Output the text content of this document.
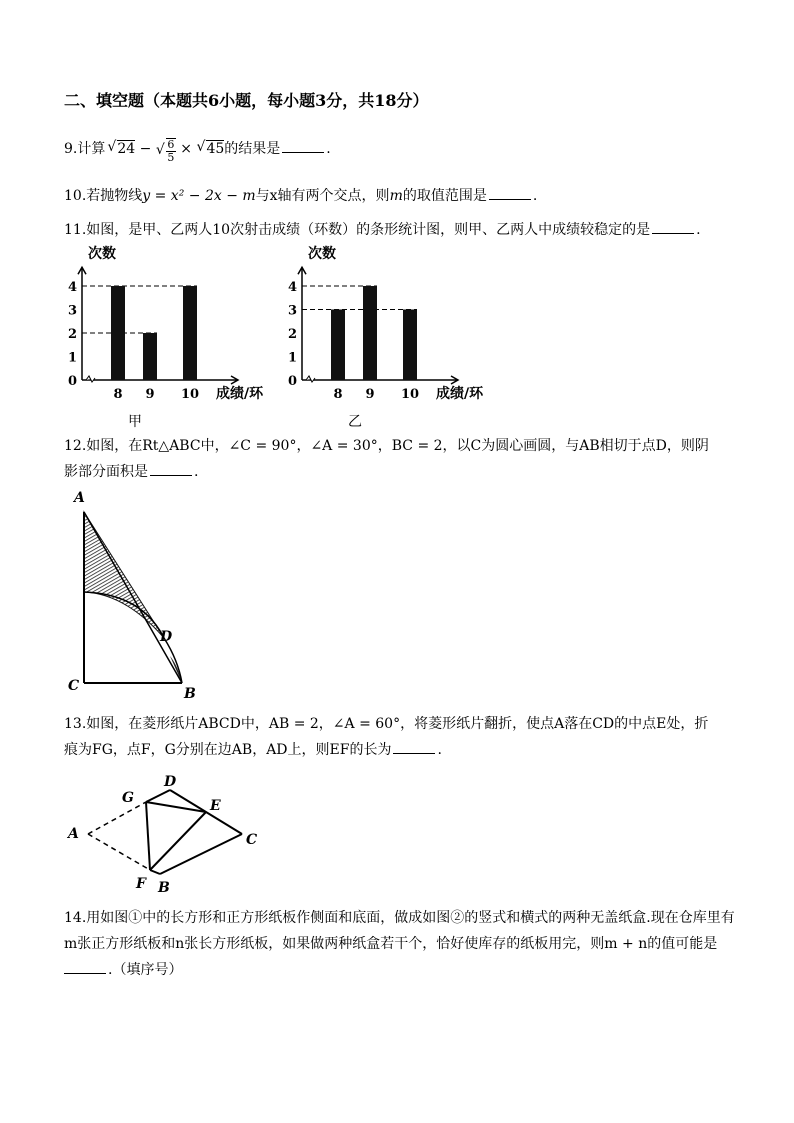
二、填空题（本题共6小题，每小题3分，共18分）
9.计算 √ 24 − √ $\frac{6}{5}$ × √ 45的结果是	.
10.若抛物线y = x² − 2x − m与x轴有两个交点，则m的取值范围是	.
11.如图，是甲、乙两人10次射击成绩（环数）的条形统计图，则甲、乙两人中成绩较稳定的是	.
次数
0
1
2
3
4
8 9 10 成绩/环
甲
次数
0
1
2
3
4
8 9 10 成绩/环
乙
12.如图，在Rt△ABC中，∠C = 90°，∠A = 30°，BC = 2，以C为圆心画圆，与AB相切于点D，则阴
影部分面积是	.
A
D
C	B
13.如图，在菱形纸片ABCD中，AB = 2，∠A = 60°，将菱形纸片翻折，使点A落在CD的中点E处，折
痕为FG，点F，G分别在边AB，AD上，则EF的长为	.
A
G
D
E
C
F B
14.用如图①中的长方形和正方形纸板作侧面和底面，做成如图②的竖式和横式的两种无盖纸盒.现在仓库里有
m张正方形纸板和n张长方形纸板，如果做两种纸盒若干个，恰好使库存的纸板用完，则m + n的值可能是
.（填序号）
